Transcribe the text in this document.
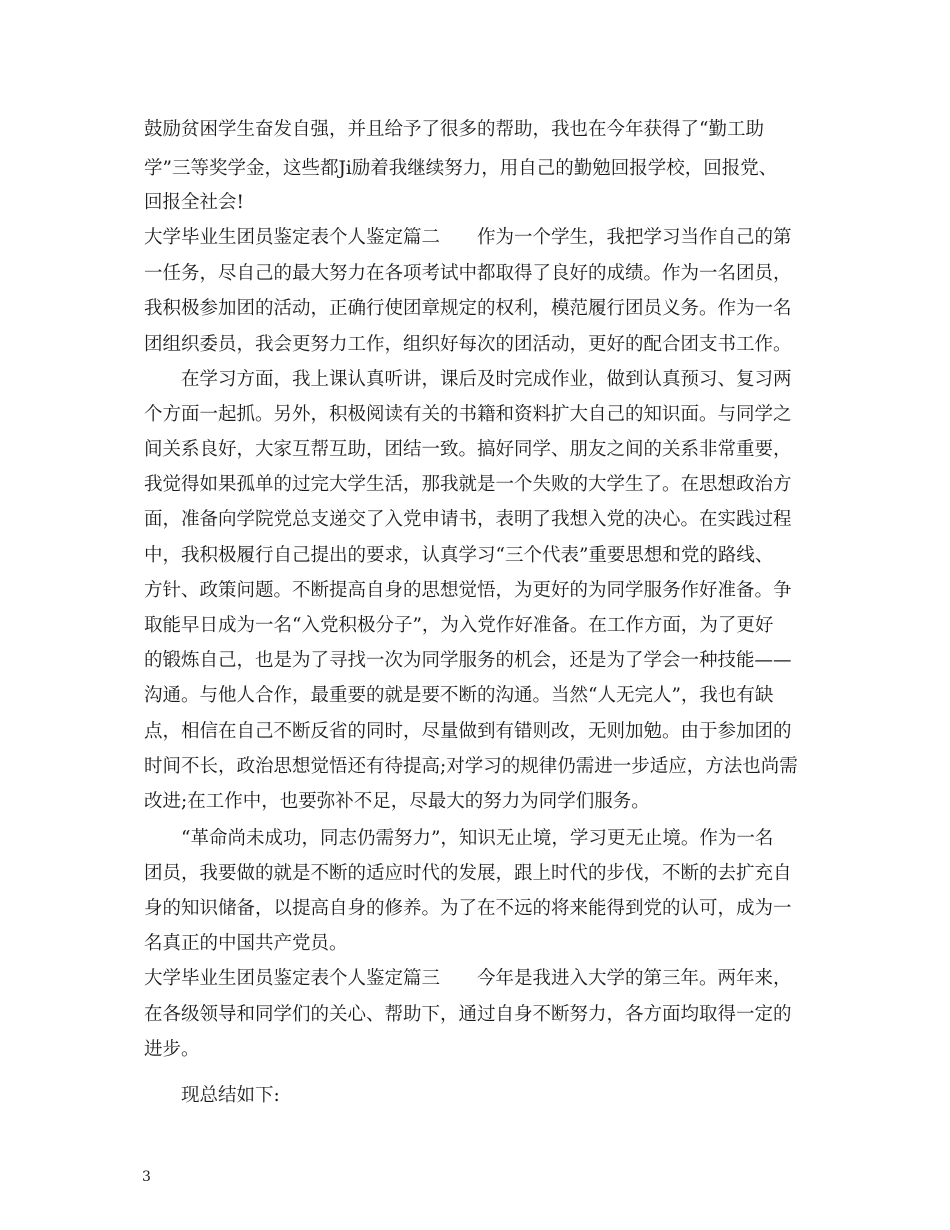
鼓励贫困学生奋发自强，并且给予了很多的帮助，我也在今年获得了“勤工助
学”三等奖学金，这些都Ji励着我继续努力，用自己的勤勉回报学校，回报党、
回报全社会!
大学毕业生团员鉴定表个人鉴定篇二　　作为一个学生，我把学习当作自己的第
一任务，尽自己的最大努力在各项考试中都取得了良好的成绩。作为一名团员，
我积极参加团的活动，正确行使团章规定的权利，模范履行团员义务。作为一名
团组织委员，我会更努力工作，组织好每次的团活动，更好的配合团支书工作。
在学习方面，我上课认真听讲，课后及时完成作业，做到认真预习、复习两
个方面一起抓。另外，积极阅读有关的书籍和资料扩大自己的知识面。与同学之
间关系良好，大家互帮互助，团结一致。搞好同学、朋友之间的关系非常重要，
我觉得如果孤单的过完大学生活，那我就是一个失败的大学生了。在思想政治方
面，准备向学院党总支递交了入党申请书，表明了我想入党的决心。在实践过程
中，我积极履行自己提出的要求，认真学习“三个代表”重要思想和党的路线、
方针、政策问题。不断提高自身的思想觉悟，为更好的为同学服务作好准备。争
取能早日成为一名“入党积极分子”，为入党作好准备。在工作方面，为了更好
的锻炼自己，也是为了寻找一次为同学服务的机会，还是为了学会一种技能——
沟通。与他人合作，最重要的就是要不断的沟通。当然“人无完人”，我也有缺
点，相信在自己不断反省的同时，尽量做到有错则改，无则加勉。由于参加团的
时间不长，政治思想觉悟还有待提高;对学习的规律仍需进一步适应，方法也尚需
改进;在工作中，也要弥补不足，尽最大的努力为同学们服务。
“革命尚未成功，同志仍需努力”，知识无止境，学习更无止境。作为一名
团员，我要做的就是不断的适应时代的发展，跟上时代的步伐，不断的去扩充自
身的知识储备，以提高自身的修养。为了在不远的将来能得到党的认可，成为一
名真正的中国共产党员。
大学毕业生团员鉴定表个人鉴定篇三　　今年是我进入大学的第三年。两年来，
在各级领导和同学们的关心、帮助下，通过自身不断努力，各方面均取得一定的
进步。
现总结如下:
3
